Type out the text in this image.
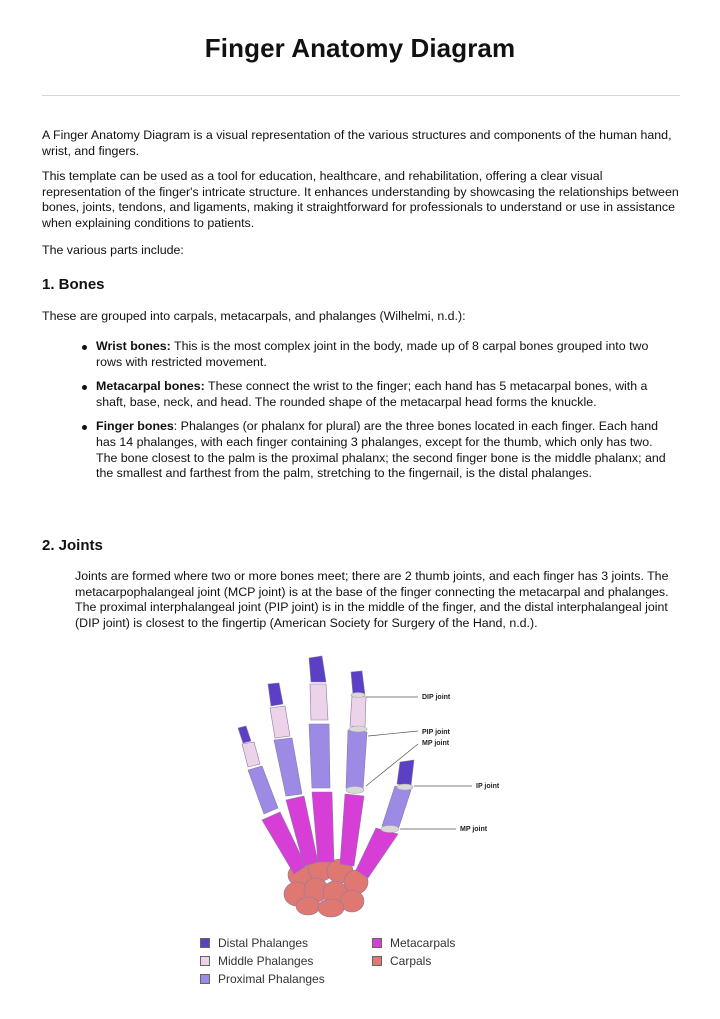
Finger Anatomy Diagram

A Finger Anatomy Diagram is a visual representation of the various structures and components of the human hand, wrist, and fingers.

This template can be used as a tool for education, healthcare, and rehabilitation, offering a clear visual representation of the finger's intricate structure. It enhances understanding by showcasing the relationships between bones, joints, tendons, and ligaments, making it straightforward for professionals to understand or use in assistance when explaining conditions to patients.

The various parts include:

1. Bones

These are grouped into carpals, metacarpals, and phalanges (Wilhelmi, n.d.):

Wrist bones: This is the most complex joint in the body, made up of 8 carpal bones grouped into two rows with restricted movement.
Metacarpal bones: These connect the wrist to the finger; each hand has 5 metacarpal bones, with a shaft, base, neck, and head. The rounded shape of the metacarpal head forms the knuckle.
Finger bones: Phalanges (or phalanx for plural) are the three bones located in each finger. Each hand has 14 phalanges, with each finger containing 3 phalanges, except for the thumb, which only has two. The bone closest to the palm is the proximal phalanx; the second finger bone is the middle phalanx; and the smallest and farthest from the palm, stretching to the fingernail, is the distal phalanges.
2. Joints

Joints are formed where two or more bones meet; there are 2 thumb joints, and each finger has 3 joints. The metacarpophalangeal joint (MCP joint) is at the base of the finger connecting the metacarpal and phalanges. The proximal interphalangeal joint (PIP joint) is in the middle of the finger, and the distal interphalangeal joint (DIP joint) is closest to the fingertip (American Society for Surgery of the Hand, n.d.).

DIP joint
PIP joint
MP joint
IP joint
MP joint
Distal Phalanges
Middle Phalanges
Proximal Phalanges
Metacarpals
Carpals
